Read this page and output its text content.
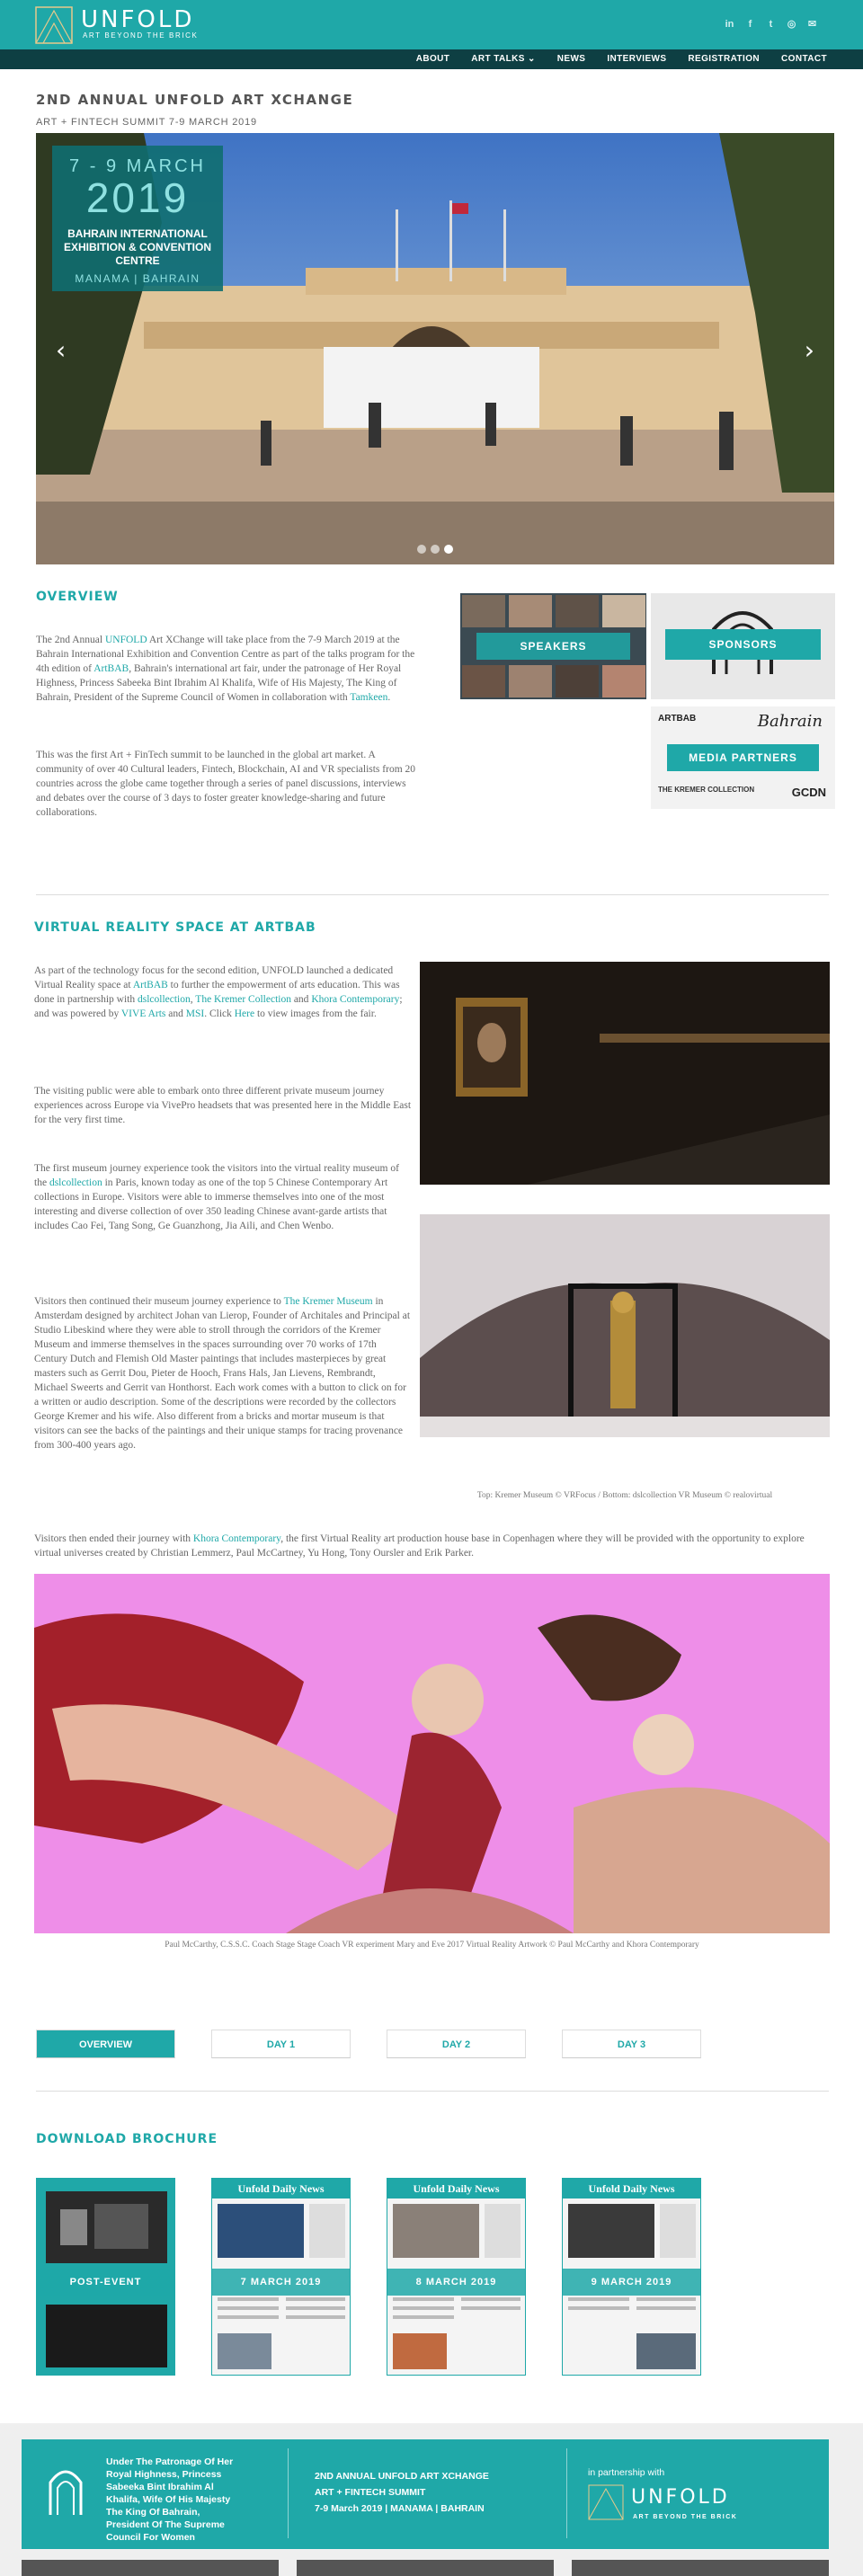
UNFOLD
ART BEYOND THE BRICK
in	f	t	◎ ✉
ABOUT	ART TALKS ⌄	NEWS	INTERVIEWS	REGISTRATION	CONTACT
2ND ANNUAL UNFOLD ART XCHANGE
ART + FINTECH SUMMIT 7-9 MARCH 2019
7 - 9 MARCH
2019
BAHRAIN INTERNATIONAL EXHIBITION & CONVENTION CENTRE
MANAMA | BAHRAIN
‹	›
OVERVIEW

The 2nd Annual UNFOLD Art XChange will take place from the 7-9 March 2019 at the Bahrain International Exhibition and Convention Centre as part of the talks program for the 4th edition of ArtBAB, Bahrain's international art fair, under the patronage of Her Royal Highness, Princess Sabeeka Bint Ibrahim Al Khalifa, Wife of His Majesty, The King of Bahrain, President of the Supreme Council of Women in collaboration with Tamkeen.

This was the first Art + FinTech summit to be launched in the global art market. A community of over 40 Cultural leaders, Fintech, Blockchain, AI and VR specialists from 20 countries across the globe came together through a series of panel discussions, interviews and debates over the course of 3 days to foster greater knowledge-sharing and future collaborations.

SPEAKERS	SPONSORS
ARTBAB	Bahrain
MEDIA PARTNERS
THE KREMER COLLECTION	GCDN
VIRTUAL REALITY SPACE AT ARTBAB

As part of the technology focus for the second edition, UNFOLD launched a dedicated Virtual Reality space at ArtBAB to further the empowerment of arts education. This was done in partnership with dslcollection, The Kremer Collection and Khora Contemporary; and was powered by VIVE Arts and MSI. Click Here to view images from the fair.

The visiting public were able to embark onto three different private museum journey experiences across Europe via VivePro headsets that was presented here in the Middle East for the very first time.

The first museum journey experience took the visitors into the virtual reality museum of the dslcollection in Paris, known today as one of the top 5 Chinese Contemporary Art collections in Europe. Visitors were able to immerse themselves into one of the most interesting and diverse collection of over 350 leading Chinese avant-garde artists that includes Cao Fei, Tang Song, Ge Guanzhong, Jia Aili, and Chen Wenbo.

Visitors then continued their museum journey experience to The Kremer Museum in Amsterdam designed by architect Johan van Lierop, Founder of Architales and Principal at Studio Libeskind where they were able to stroll through the corridors of the Kremer Museum and immerse themselves in the spaces surrounding over 70 works of 17th Century Dutch and Flemish Old Master paintings that includes masterpieces by great masters such as Gerrit Dou, Pieter de Hooch, Frans Hals, Jan Lievens, Rembrandt, Michael Sweerts and Gerrit van Honthorst. Each work comes with a button to click on for a written or audio description. Some of the descriptions were recorded by the collectors George Kremer and his wife. Also different from a bricks and mortar museum is that visitors can see the backs of the paintings and their unique stamps for tracing provenance from 300-400 years ago.

Top: Kremer Museum © VRFocus / Bottom: dslcollection VR Museum © realovirtual

Visitors then ended their journey with Khora Contemporary, the first Virtual Reality art production house base in Copenhagen where they will be provided with the opportunity to explore virtual universes created by Christian Lemmerz, Paul McCartney, Yu Hong, Tony Oursler and Erik Parker.

Paul McCarthy, C.S.S.C. Coach Stage Stage Coach VR experiment Mary and Eve 2017 Virtual Reality Artwork © Paul McCarthy and Khora Contemporary
OVERVIEW	DAY 1	DAY 2	DAY 3
DOWNLOAD BROCHURE
POST-EVENT
Unfold Daily News
7 MARCH 2019
Unfold Daily News
8 MARCH 2019
Unfold Daily News
9 MARCH 2019
Under The Patronage Of Her Royal Highness, Princess Sabeeka Bint Ibrahim Al Khalifa, Wife Of His Majesty The King Of Bahrain, President Of The Supreme Council For Women
2ND ANNUAL UNFOLD ART XCHANGE
ART + FINTECH SUMMIT
7-9 March 2019 | MANAMA | BAHRAIN
in partnership with
UNFOLD
ART BEYOND THE BRICK
